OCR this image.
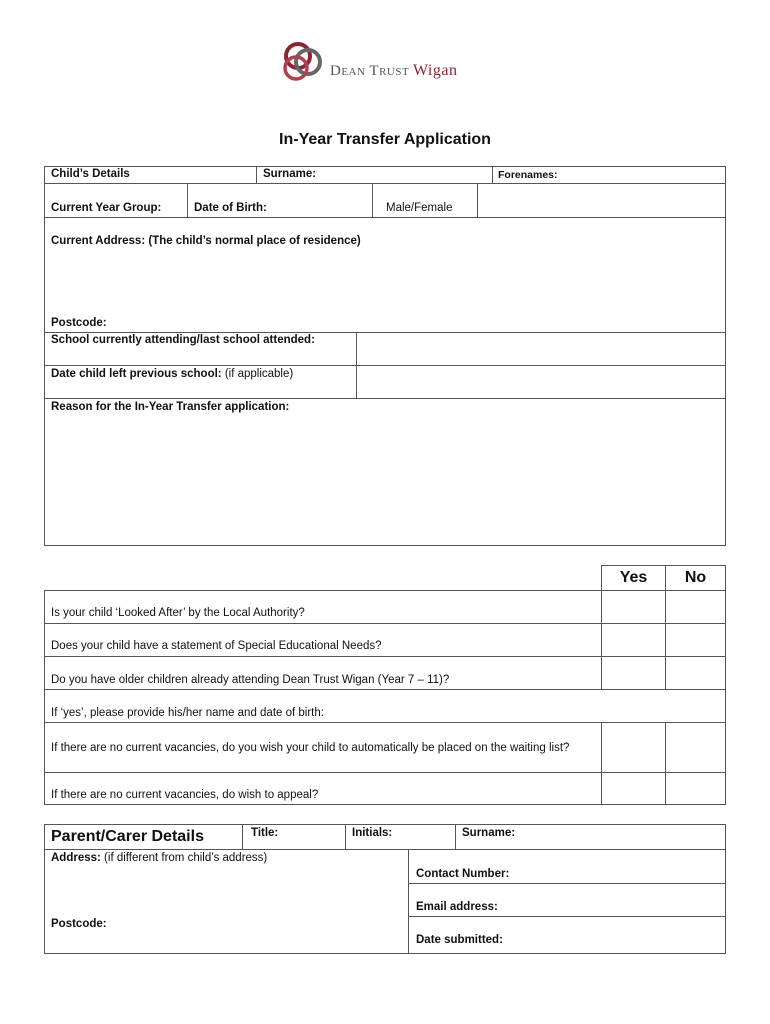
Dean Trust Wigan
In-Year Transfer Application
Child’s Details	Surname:	Forenames:
Current Year Group:	Date of Birth:	Male/Female
Current Address: (The child’s normal place of residence)
Postcode:
School currently attending/last school attended:
Date child left previous school: (if applicable)
Reason for the In-Year Transfer application:
Yes	No
Is your child ‘Looked After’ by the Local Authority?
Does your child have a statement of Special Educational Needs?
Do you have older children already attending Dean Trust Wigan (Year 7 – 11)?
If ‘yes’, please provide his/her name and date of birth:
If there are no current vacancies, do you wish your child to automatically be placed on the waiting list?
If there are no current vacancies, do wish to appeal?
Parent/Carer Details	Title:	Initials:	Surname:
Address: (if different from child’s address)
Postcode:
Contact Number:
Email address:
Date submitted:
